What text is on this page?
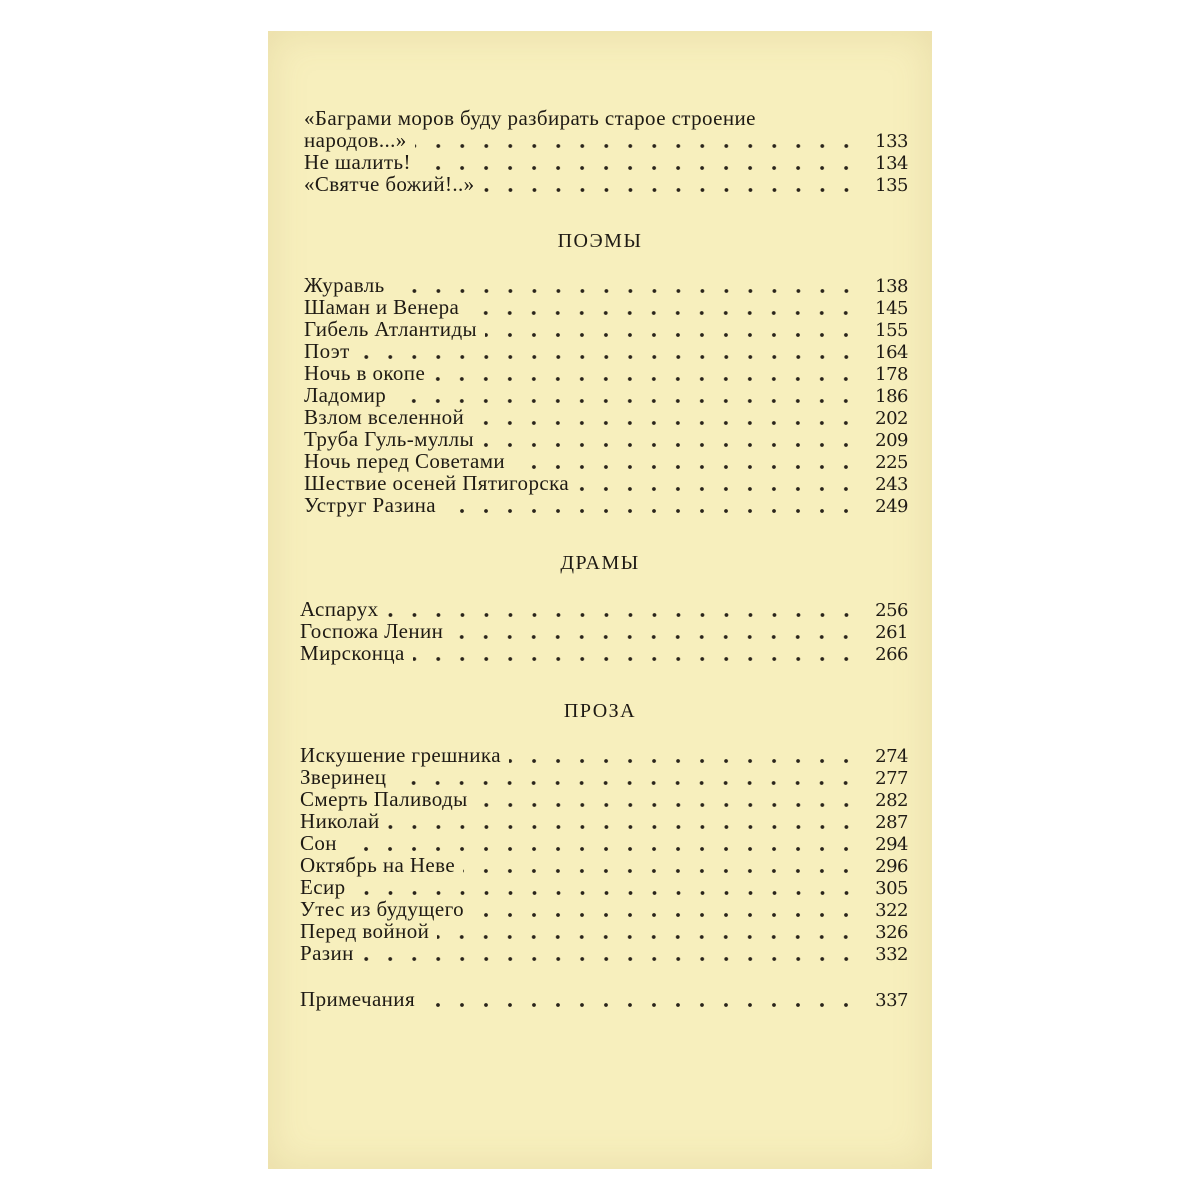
«Баграми моров буду разбирать старое строение
народов...»	133
Не шалить!	134
«Святче божий!..»	135
ПОЭМЫ
Журавль	138
Шаман и Венера	145
Гибель Атлантиды	155
Поэт	164
Ночь в окопе	178
Ладомир	186
Взлом вселенной	202
Труба Гуль-муллы	209
Ночь перед Советами	225
Шествие осеней Пятигорска	243
Уструг Разина	249
ДРАМЫ
Аспарух	256
Госпожа Ленин	261
Мирсконца	266
ПРОЗА
Искушение грешника	274
Зверинец	277
Смерть Паливоды	282
Николай	287
Сон	294
Октябрь на Неве	296
Есир	305
Утес из будущего	322
Перед войной	326
Разин	332
Примечания	337
